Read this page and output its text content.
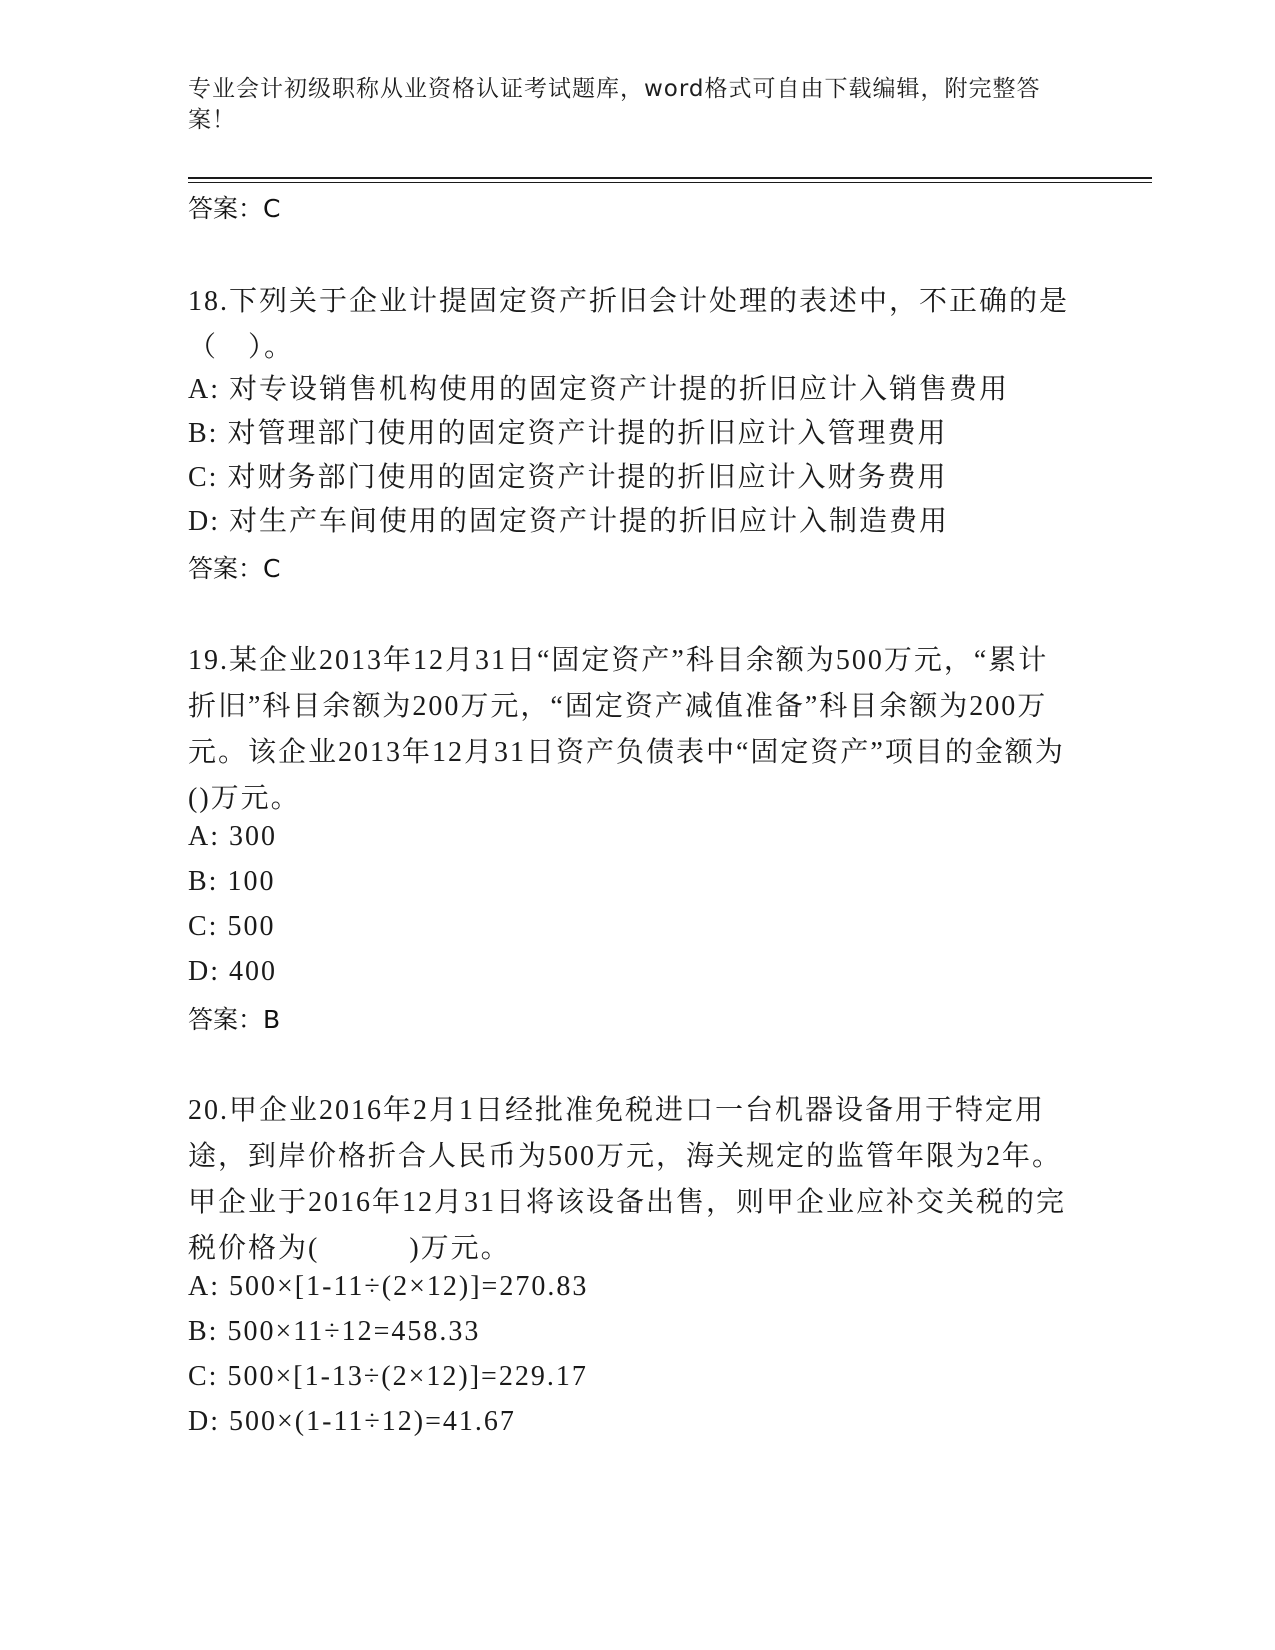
专业会计初级职称从业资格认证考试题库，word格式可自由下载编辑，附完整答案！
答案：C
18.下列关于企业计提固定资产折旧会计处理的表述中，不正确的是（　）。
A: 对专设销售机构使用的固定资产计提的折旧应计入销售费用
B: 对管理部门使用的固定资产计提的折旧应计入管理费用
C: 对财务部门使用的固定资产计提的折旧应计入财务费用
D: 对生产车间使用的固定资产计提的折旧应计入制造费用
答案：C
19.某企业2013年12月31日“固定资产”科目余额为500万元，“累计折旧”科目余额为200万元，“固定资产减值准备”科目余额为200万元。该企业2013年12月31日资产负债表中“固定资产”项目的金额为()万元。
A: 300
B: 100
C: 500
D: 400
答案：B
20.甲企业2016年2月1日经批准免税进口一台机器设备用于特定用途，到岸价格折合人民币为500万元，海关规定的监管年限为2年。甲企业于2016年12月31日将该设备出售，则甲企业应补交关税的完税价格为(　　　)万元。
A: 500×[1-11÷(2×12)]=270.83
B: 500×11÷12=458.33
C: 500×[1-13÷(2×12)]=229.17
D: 500×(1-11÷12)=41.67
